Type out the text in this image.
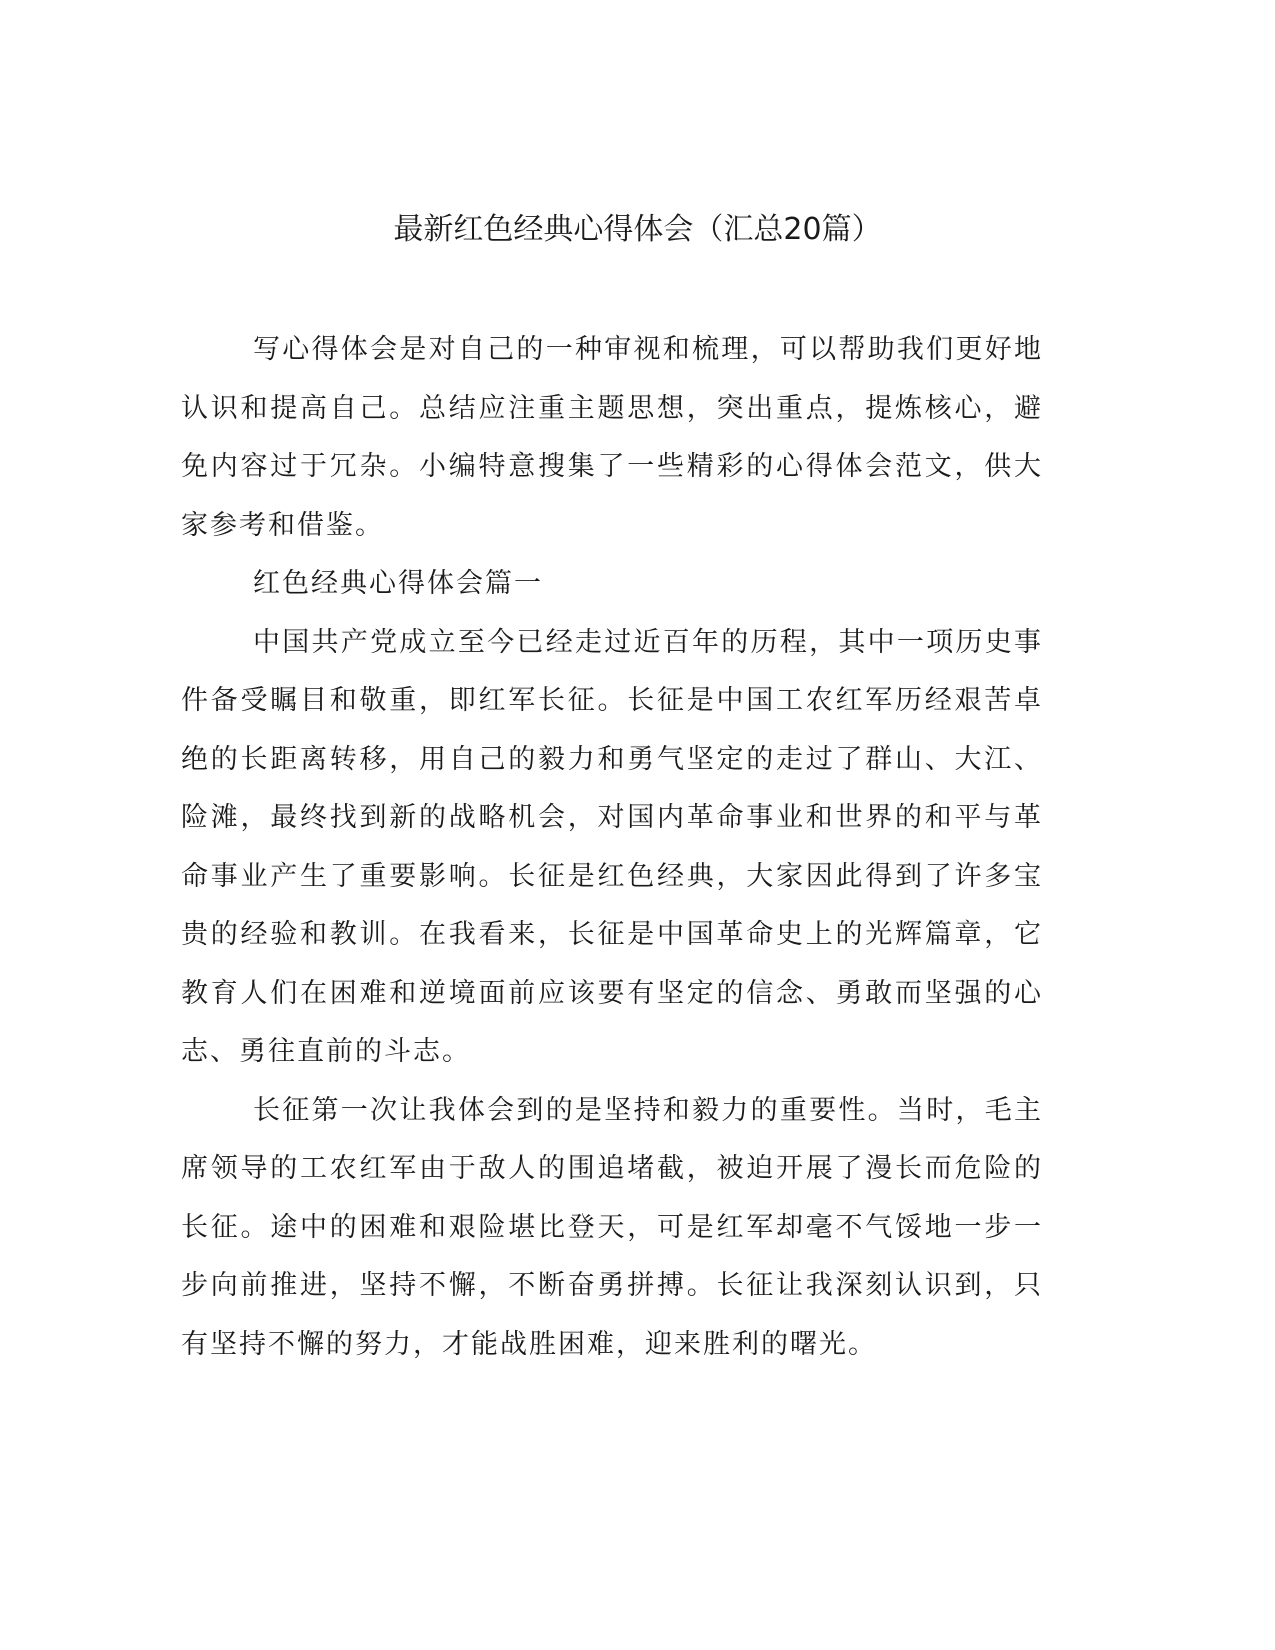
最新红色经典心得体会（汇总20篇）

写心得体会是对自己的一种审视和梳理，可以帮助我们更好地认识和提高自己。总结应注重主题思想，突出重点，提炼核心，避免内容过于冗杂。小编特意搜集了一些精彩的心得体会范文，供大家参考和借鉴。

红色经典心得体会篇一

中国共产党成立至今已经走过近百年的历程，其中一项历史事件备受瞩目和敬重，即红军长征。长征是中国工农红军历经艰苦卓绝的长距离转移，用自己的毅力和勇气坚定的走过了群山、大江、险滩，最终找到新的战略机会，对国内革命事业和世界的和平与革命事业产生了重要影响。长征是红色经典，大家因此得到了许多宝贵的经验和教训。在我看来，长征是中国革命史上的光辉篇章，它教育人们在困难和逆境面前应该要有坚定的信念、勇敢而坚强的心志、勇往直前的斗志。

长征第一次让我体会到的是坚持和毅力的重要性。当时，毛主席领导的工农红军由于敌人的围追堵截，被迫开展了漫长而危险的长征。途中的困难和艰险堪比登天，可是红军却毫不气馁地一步一步向前推进，坚持不懈，不断奋勇拼搏。长征让我深刻认识到，只有坚持不懈的努力，才能战胜困难，迎来胜利的曙光。
